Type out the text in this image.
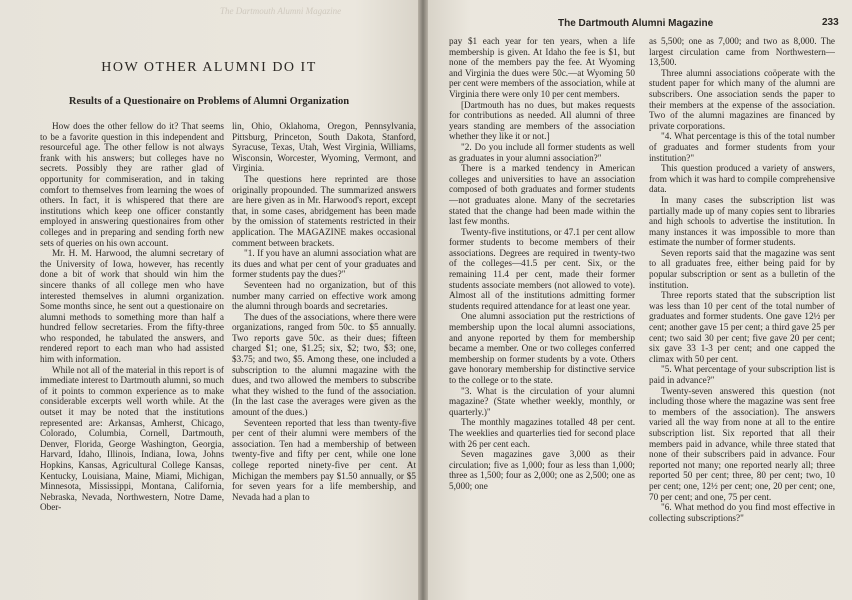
The Dartmouth Alumni Magazine
HOW OTHER ALUMNI DO IT
Results of a Questionaire on Problems of Alumni Organization

How does the other fellow do it? That seems to be a favorite question in this independent and resourceful age. The other fellow is not always frank with his answers; but colleges have no secrets. Possibly they are rather glad of opportunity for commiseration, and in taking comfort to themselves from learning the woes of others. In fact, it is whispered that there are institutions which keep one officer constantly employed in answering questionaires from other colleges and in preparing and sending forth new sets of queries on his own account.

Mr. H. M. Harwood, the alumni secretary of the University of Iowa, however, has recently done a bit of work that should win him the sincere thanks of all college men who have interested themselves in alumni organization. Some months since, he sent out a questionaire on alumni methods to something more than half a hundred fellow secretaries. From the fifty-three who responded, he tabulated the answers, and rendered report to each man who had assisted him with information.

While not all of the material in this report is of immediate interest to Dartmouth alumni, so much of it points to common experience as to make considerable excerpts well worth while. At the outset it may be noted that the institutions represented are: Arkansas, Amherst, Chicago, Colorado, Columbia, Cornell, Dartmouth, Denver, Florida, George Washington, Georgia, Harvard, Idaho, Illinois, Indiana, Iowa, Johns Hopkins, Kansas, Agricultural College Kansas, Kentucky, Louisiana, Maine, Miami, Michigan, Minnesota, Mississippi, Montana, California, Nebraska, Nevada, Northwestern, Notre Dame, Ober-

lin, Ohio, Oklahoma, Oregon, Pennsylvania, Pittsburg, Princeton, South Dakota, Stanford, Syracuse, Texas, Utah, West Virginia, Williams, Wisconsin, Worcester, Wyoming, Vermont, and Virginia.

The questions here reprinted are those originally propounded. The summarized answers are here given as in Mr. Harwood's report, except that, in some cases, abridgement has been made by the omission of statements restricted in their application. The MAGAZINE makes occasional comment between brackets.

"1. If you have an alumni association what are its dues and what per cent of your graduates and former students pay the dues?"

Seventeen had no organization, but of this number many carried on effective work among the alumni through boards and secretaries.

The dues of the associations, where there were organizations, ranged from 50c. to $5 annually. Two reports gave 50c. as their dues; fifteen charged $1; one, $1.25; six, $2; two, $3; one, $3.75; and two, $5. Among these, one included a subscription to the alumni magazine with the dues, and two allowed the members to subscribe what they wished to the fund of the association. (In the last case the averages were given as the amount of the dues.)

Seventeen reported that less than twenty-five per cent of their alumni were members of the association. Ten had a membership of between twenty-five and fifty per cent, while one lone college reported ninety-five per cent. At Michigan the members pay $1.50 annually, or $5 for seven years for a life membership, and Nevada had a plan to

The Dartmouth Alumni Magazine	233

pay $1 each year for ten years, when a life membership is given. At Idaho the fee is $1, but none of the members pay the fee. At Wyoming and Virginia the dues were 50c.—at Wyoming 50 per cent were members of the association, while at Virginia there were only 10 per cent members.

[Dartmouth has no dues, but makes requests for contributions as needed. All alumni of three years standing are members of the association whether they like it or not.]

"2. Do you include all former students as well as graduates in your alumni association?"

There is a marked tendency in American colleges and universities to have an association composed of both graduates and former students—not graduates alone. Many of the secretaries stated that the change had been made within the last few months.

Twenty-five institutions, or 47.1 per cent allow former students to become members of their associations. Degrees are required in twenty-two of the colleges—41.5 per cent. Six, or the remaining 11.4 per cent, made their former students associate members (not allowed to vote). Almost all of the institutions admitting former students required attendance for at least one year.

One alumni association put the restrictions of membership upon the local alumni associations, and anyone reported by them for membership became a member. One or two colleges conferred membership on former students by a vote. Others gave honorary membership for distinctive service to the college or to the state.

"3. What is the circulation of your alumni magazine? (State whether weekly, monthly, or quarterly.)"

The monthly magazines totalled 48 per cent. The weeklies and quarterlies tied for second place with 26 per cent each.

Seven magazines gave 3,000 as their circulation; five as 1,000; four as less than 1,000; three as 1,500; four as 2,000; one as 2,500; one as 5,000; one

as 5,500; one as 7,000; and two as 8,000. The largest circulation came from Northwestern—13,500.

Three alumni associations coöperate with the student paper for which many of the alumni are subscribers. One association sends the paper to their members at the expense of the association. Two of the alumni magazines are financed by private corporations.

"4. What percentage is this of the total number of graduates and former students from your institution?"

This question produced a variety of answers, from which it was hard to compile comprehensive data.

In many cases the subscription list was partially made up of many copies sent to libraries and high schools to advertise the institution. In many instances it was impossible to more than estimate the number of former students.

Seven reports said that the magazine was sent to all graduates free, either being paid for by popular subscription or sent as a bulletin of the institution.

Three reports stated that the subscription list was less than 10 per cent of the total number of graduates and former students. One gave 12½ per cent; another gave 15 per cent; a third gave 25 per cent; two said 30 per cent; five gave 20 per cent; six gave 33 1-3 per cent; and one capped the climax with 50 per cent.

"5. What percentage of your subscription list is paid in advance?"

Twenty-seven answered this question (not including those where the magazine was sent free to members of the association). The answers varied all the way from none at all to the entire subscription list. Six reported that all their members paid in advance, while three stated that none of their subscribers paid in advance. Four reported not many; one reported nearly all; three reported 50 per cent; three, 80 per cent; two, 10 per cent; one, 12½ per cent; one, 20 per cent; one, 70 per cent; and one, 75 per cent.

"6. What method do you find most effective in collecting subscriptions?"
